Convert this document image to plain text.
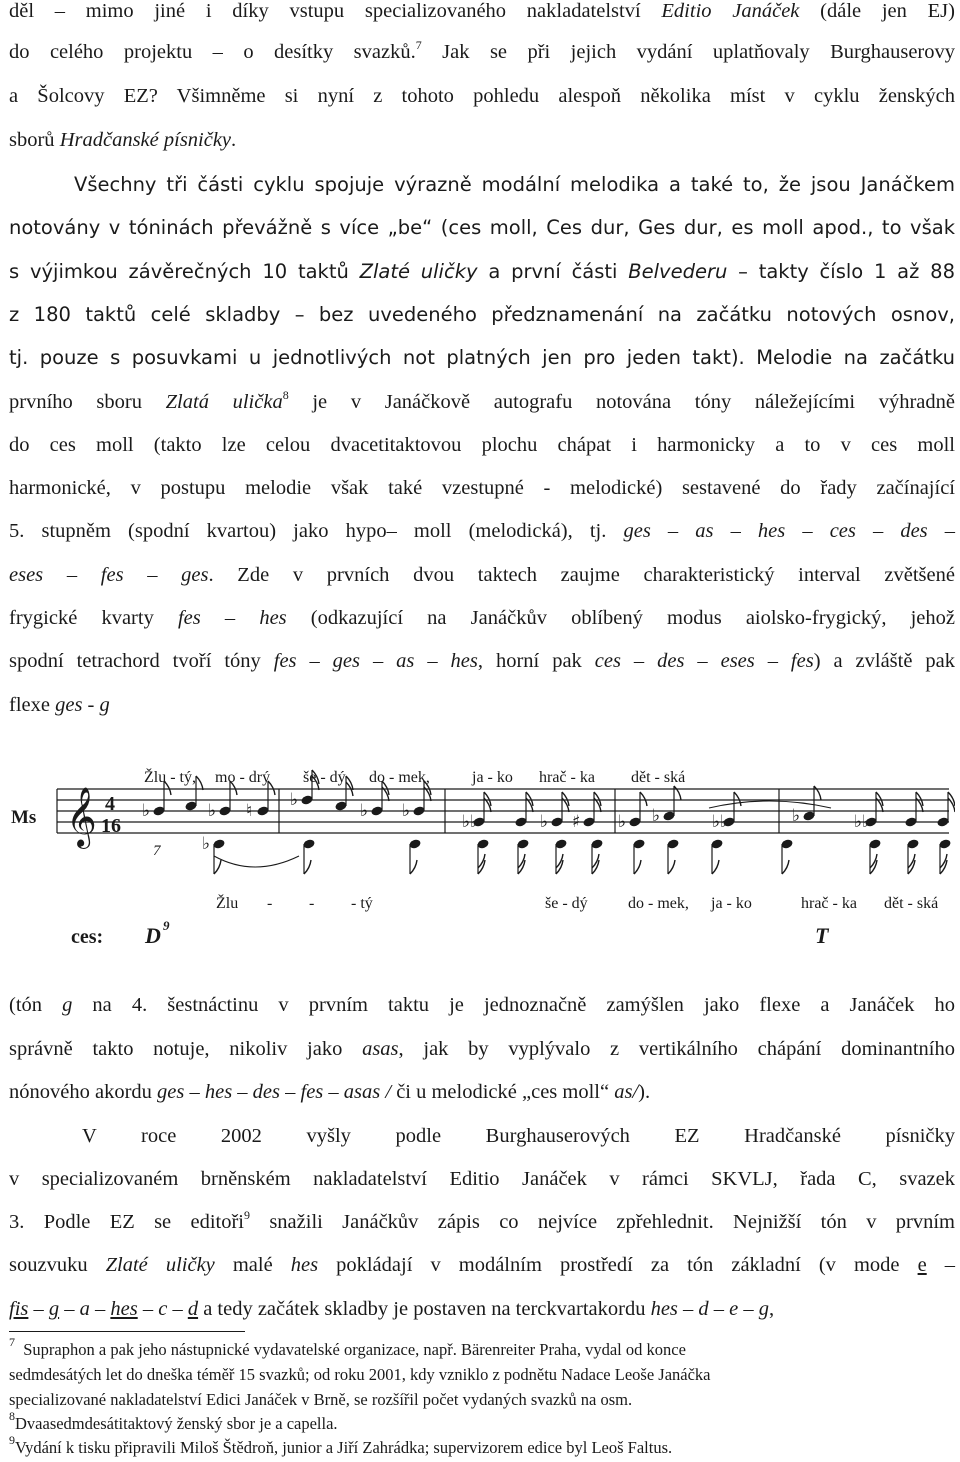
děl – mimo jiné i díky vstupu specializovaného nakladatelství Editio Janáček (dále jen EJ)
do celého projektu – o desítky svazků.$^7$ Jak se při jejich vydání uplatňovaly Burghauserovy
a Šolcovy EZ? Všimněme si nyní z tohoto pohledu alespoň několika míst v cyklu ženských
sborů Hradčanské písničky.
Všechny tři části cyklu spojuje výrazně modální melodika a také to, že jsou Janáčkem
notovány v tóninách převážně s více „be“ (ces moll, Ces dur, Ges dur, es moll apod., to však
s výjimkou závěrečných 10 taktů Zlaté uličky a první části Belvederu – takty číslo 1 až 88
z 180 taktů celé skladby – bez uvedeného předznamenání na začátku notových osnov,
tj. pouze s posuvkami u jednotlivých not platných jen pro jeden takt). Melodie na začátku
prvního sboru Zlatá ulička$^8$ je v Janáčkově autografu notována tóny náležejícími výhradně
do ces moll (takto lze celou dvacetitaktovou plochu chápat i harmonicky a to v ces moll
harmonické, v postupu melodie však také vzestupné - melodické) sestavené do řady začínající
5. stupněm (spodní kvartou) jako hypo– moll (melodická), tj. ges – as – hes – ces – des –
eses – fes – ges. Zde v prvních dvou taktech zaujme charakteristický interval zvětšené
frygické kvarty fes – hes (odkazující na Janáčkův oblíbený modus aiolsko-frygický, jehož
spodní tetrachord tvoří tóny fes – ges – as – hes, horní pak ces – des – eses – fes) a zvláště pak
flexe ges - g
Ms 𝄞 4
16
7
♭	♭ ♮
♭
♭ ♭
♭♭	♭ ♯ ♭ ♭	♭♭	♭	♭♭
♭
Žlu - tý, mo - drý še - dý do - mek,	ja - ko hrač - ka dět - ská
Žlu - - - tý	še - dý	do - mek, ja - ko	hrač - ka dět - ská
ces: D 9	T
(tón g na 4. šestnáctinu v prvním taktu je jednoznačně zamýšlen jako flexe a Janáček ho
správně takto notuje, nikoliv jako asas, jak by vyplývalo z vertikálního chápání dominantního
nónového akordu ges – hes – des – fes – asas / či u melodické „ces moll“ as/).
V roce 2002 vyšly podle Burghauserových EZ Hradčanské písničky
v specializovaném brněnském nakladatelství Editio Janáček v rámci SKVLJ, řada C, svazek
3. Podle EZ se editoři$^9$ snažili Janáčkův zápis co nejvíce zpřehlednit. Nejnižší tón v prvním
souzvuku Zlaté uličky malé hes pokládají v modálním prostředí za tón základní (v mode e –
fis – g – a – hes – c – d a tedy začátek skladby je postaven na terckvartakordu hes – d – e – g,
$^7$ Supraphon a pak jeho nástupnické vydavatelské organizace, např. Bärenreiter Praha, vydal od konce
sedmdesátých let do dneška téměř 15 svazků; od roku 2001, kdy vzniklo z podnětu Nadace Leoše Janáčka
specializované nakladatelství Edici Janáček v Brně, se rozšířil počet vydaných svazků na osm.
$^8$Dvaasedmdesátitaktový ženský sbor je a capella.
$^9$Vydání k tisku připravili Miloš Štědroň, junior a Jiří Zahrádka; supervizorem edice byl Leoš Faltus.
